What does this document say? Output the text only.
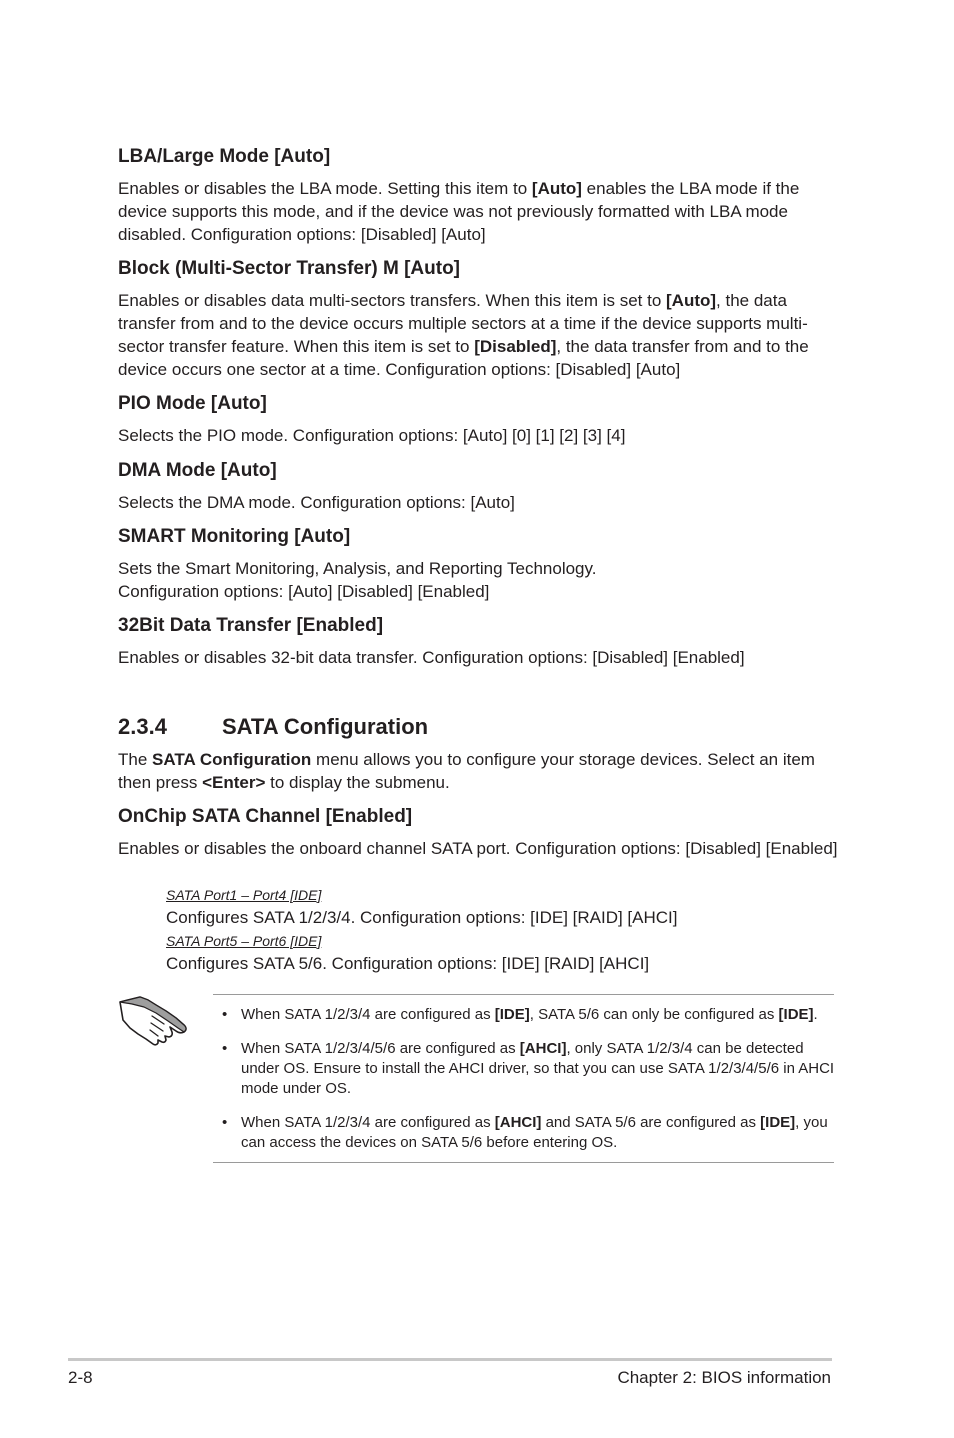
LBA/Large Mode [Auto]
Enables or disables the LBA mode. Setting this item to [Auto] enables the LBA mode if the device supports this mode, and if the device was not previously formatted with LBA mode disabled. Configuration options: [Disabled] [Auto]
Block (Multi-Sector Transfer) M [Auto]
Enables or disables data multi-sectors transfers. When this item is set to [Auto], the data transfer from and to the device occurs multiple sectors at a time if the device supports multi-sector transfer feature. When this item is set to [Disabled], the data transfer from and to the device occurs one sector at a time. Configuration options: [Disabled] [Auto]
PIO Mode [Auto]
Selects the PIO mode. Configuration options: [Auto] [0] [1] [2] [3] [4]
DMA Mode [Auto]
Selects the DMA mode. Configuration options: [Auto]
SMART Monitoring [Auto]
Sets the Smart Monitoring, Analysis, and Reporting Technology.
Configuration options: [Auto] [Disabled] [Enabled]
32Bit Data Transfer [Enabled]
Enables or disables 32-bit data transfer. Configuration options: [Disabled] [Enabled]
2.3.4	SATA Configuration
The SATA Configuration menu allows you to configure your storage devices. Select an item then press <Enter> to display the submenu.
OnChip SATA Channel [Enabled]
Enables or disables the onboard channel SATA port. Configuration options: [Disabled] [Enabled]
SATA Port1 – Port4 [IDE]
Configures SATA 1/2/3/4. Configuration options: [IDE] [RAID] [AHCI]
SATA Port5 – Port6 [IDE]
Configures SATA 5/6. Configuration options: [IDE] [RAID] [AHCI]
• When SATA 1/2/3/4 are configured as [IDE], SATA 5/6 can only be configured as [IDE].
• When SATA 1/2/3/4/5/6 are configured as [AHCI], only SATA 1/2/3/4 can be detected under OS. Ensure to install the AHCI driver, so that you can use SATA 1/2/3/4/5/6 in AHCI mode under OS.
• When SATA 1/2/3/4 are configured as [AHCI] and SATA 5/6 are configured as [IDE], you can access the devices on SATA 5/6 before entering OS.
2-8	Chapter 2: BIOS information
